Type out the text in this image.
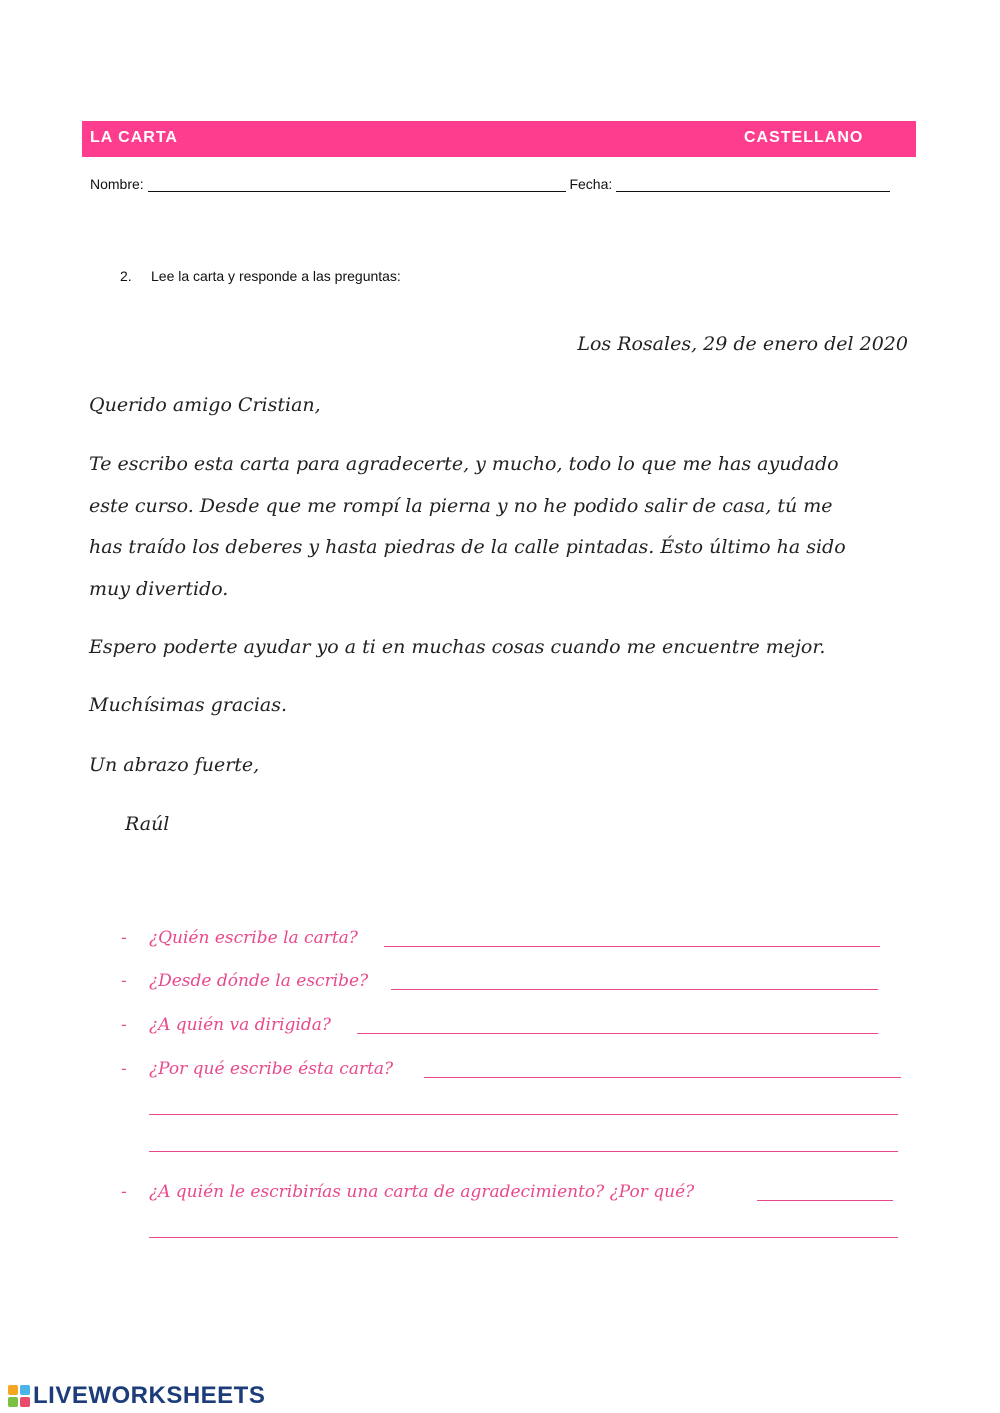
LA CARTA	CASTELLANO
Nombre:	Fecha:
2. Lee la carta y responde a las preguntas:
Los Rosales, 29 de enero del 2020
Querido amigo Cristian,
Te escribo esta carta para agradecerte, y mucho, todo lo que me has ayudado
este curso. Desde que me rompí la pierna y no he podido salir de casa, tú me
has traído los deberes y hasta piedras de la calle pintadas. Ésto último ha sido
muy divertido.
Espero poderte ayudar yo a ti en muchas cosas cuando me encuentre mejor.
Muchísimas gracias.
Un abrazo fuerte,
Raúl
- ¿Quién escribe la carta?
- ¿Desde dónde la escribe?
- ¿A quién va dirigida?
- ¿Por qué escribe ésta carta?
- ¿A quién le escribirías una carta de agradecimiento? ¿Por qué?
LIVEWORKSHEETS
